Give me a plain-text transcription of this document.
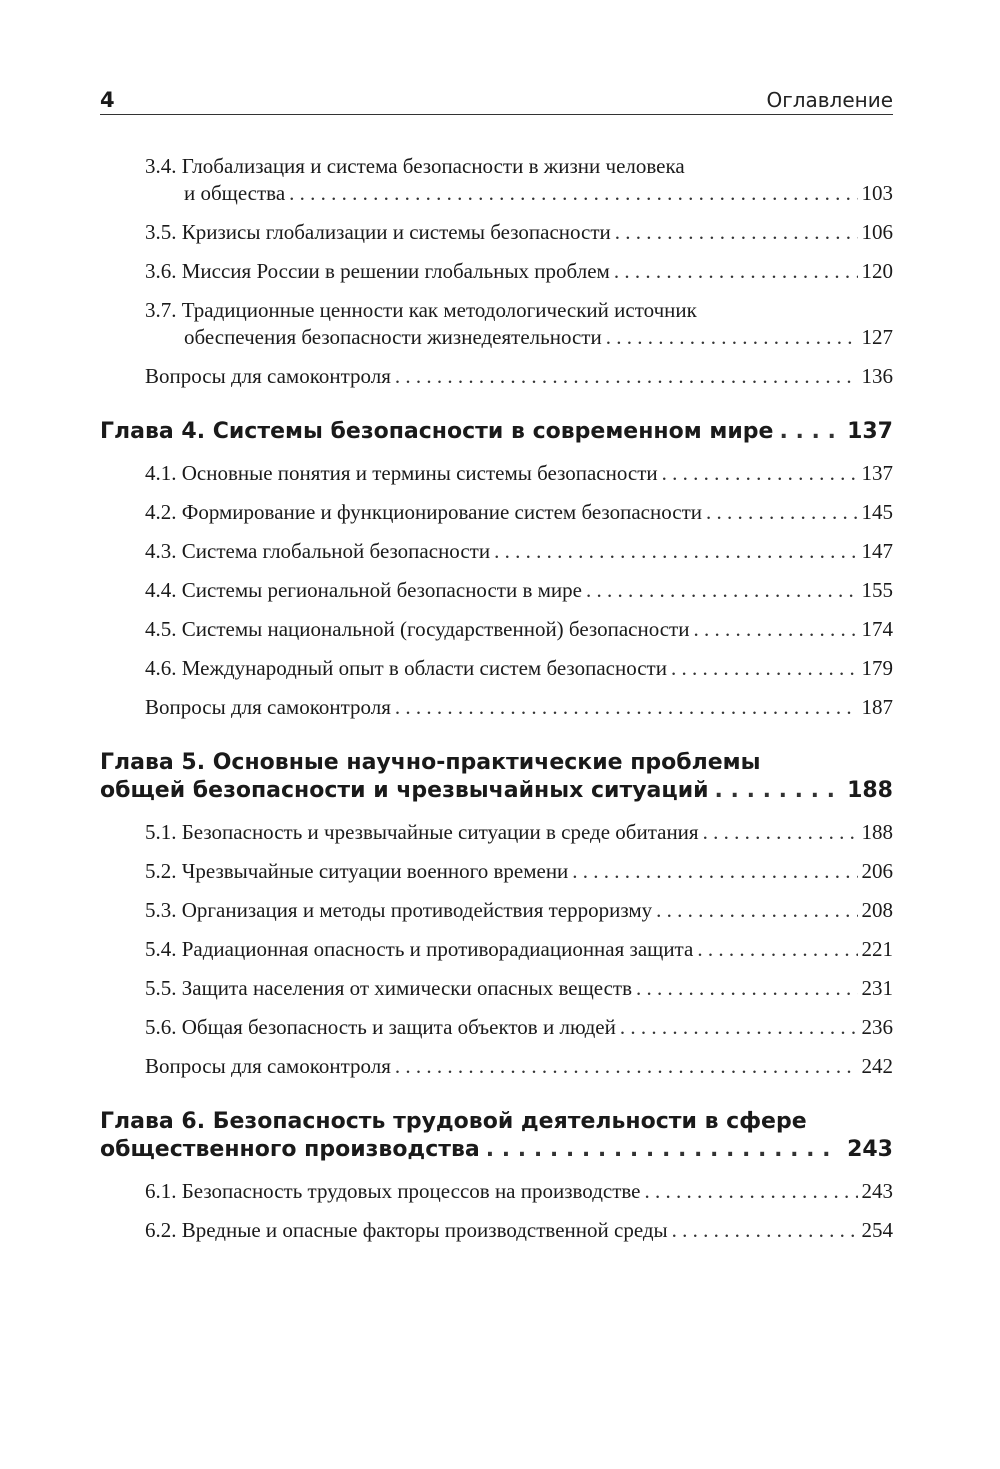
4	Оглавление
3.4. Глобализация и система безопасности в жизни человека
и общества . . .	103
3.5. Кризисы глобализации и системы безопасности . . .	106
3.6. Миссия России в решении глобальных проблем . . .	120
3.7. Традиционные ценности как методологический источник
обеспечения безопасности жизнедеятельности . . .	127
Вопросы для самоконтроля . . .	136
Глава 4. Системы безопасности в современном мире . . .	137
4.1. Основные понятия и термины системы безопасности . . .	137
4.2. Формирование и функционирование систем безопасности . . .	145
4.3. Система глобальной безопасности . . .	147
4.4. Системы региональной безопасности в мире . . .	155
4.5. Системы национальной (государственной) безопасности . . .	174
4.6. Международный опыт в области систем безопасности . . .	179
Вопросы для самоконтроля . . .	187
Глава 5. Основные научно-практические проблемы
общей безопасности и чрезвычайных ситуаций . . .	188
5.1. Безопасность и чрезвычайные ситуации в среде обитания . . .	188
5.2. Чрезвычайные ситуации военного времени . . .	206
5.3. Организация и методы противодействия терроризму . . .	208
5.4. Радиационная опасность и противорадиационная защита . . .	221
5.5. Защита населения от химически опасных веществ . . .	231
5.6. Общая безопасность и защита объектов и людей . . .	236
Вопросы для самоконтроля . . .	242
Глава 6. Безопасность трудовой деятельности в сфере
общественного производства . . .	243
6.1. Безопасность трудовых процессов на производстве . . .	243
6.2. Вредные и опасные факторы производственной среды . . .	254
